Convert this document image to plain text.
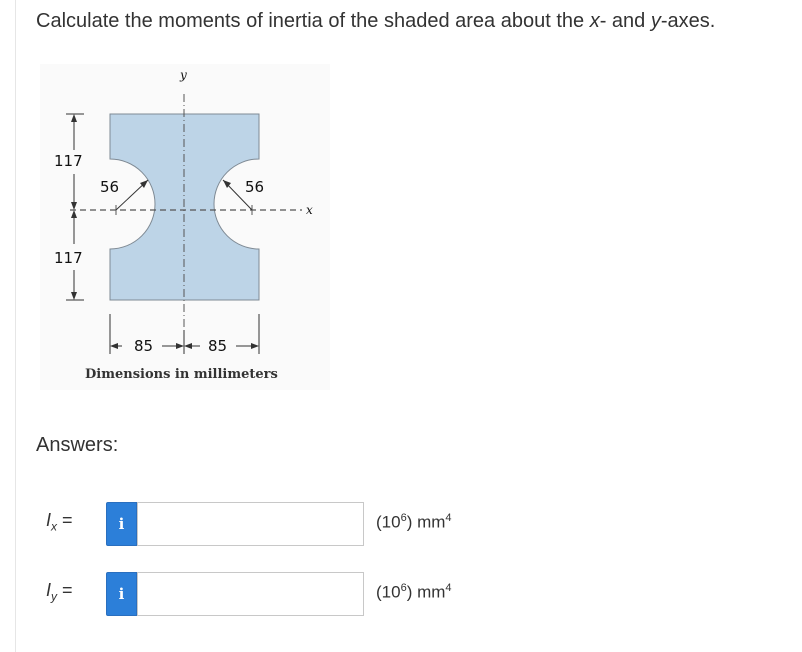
Calculate the moments of inertia of the shaded area about the x- and y-axes.
y
x
117
117
56	56
85	85
Dimensions in millimeters
Answers:
$I_x$ =	i	$(10^6)$ $mm^4$
$I_y$ =	i	$(10^6)$ $mm^4$
